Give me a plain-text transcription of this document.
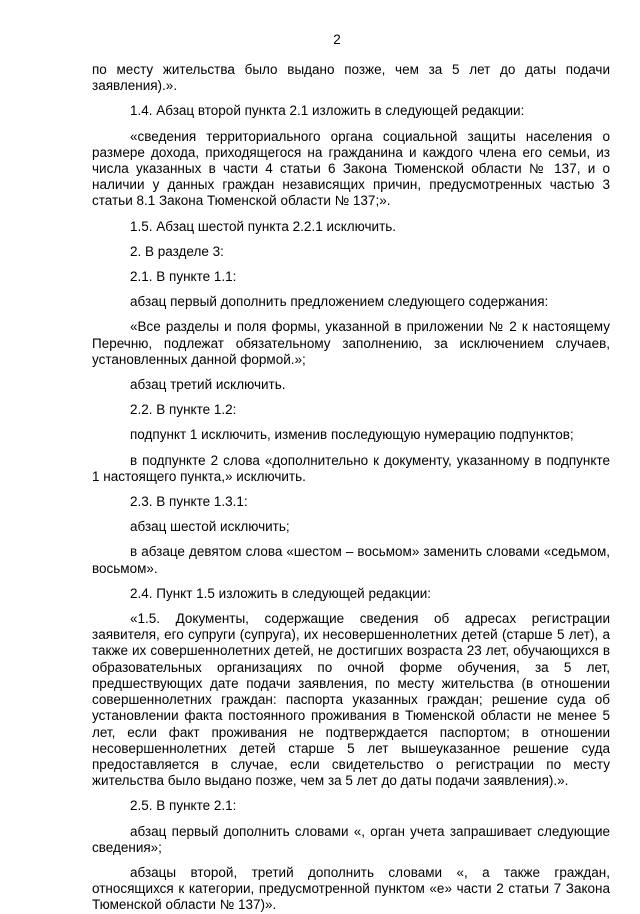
2

по месту жительства было выдано позже, чем за 5 лет до даты подачи заявления).».

1.4. Абзац второй пункта 2.1 изложить в следующей редакции:

«сведения территориального органа социальной защиты населения о размере дохода, приходящегося на гражданина и каждого члена его семьи, из числа указанных в части 4 статьи 6 Закона Тюменской области № 137, и о наличии у данных граждан независящих причин, предусмотренных частью 3 статьи 8.1 Закона Тюменской области № 137;».

1.5. Абзац шестой пункта 2.2.1 исключить.

2. В разделе 3:

2.1. В пункте 1.1:

абзац первый дополнить предложением следующего содержания:

«Все разделы и поля формы, указанной в приложении № 2 к настоящему Перечню, подлежат обязательному заполнению, за исключением случаев, установленных данной формой.»;

абзац третий исключить.

2.2. В пункте 1.2:

подпункт 1 исключить, изменив последующую нумерацию подпунктов;

в подпункте 2 слова «дополнительно к документу, указанному в подпункте 1 настоящего пункта,» исключить.

2.3. В пункте 1.3.1:

абзац шестой исключить;

в абзаце девятом слова «шестом – восьмом» заменить словами «седьмом, восьмом».

2.4. Пункт 1.5 изложить в следующей редакции:

«1.5. Документы, содержащие сведения об адресах регистрации заявителя, его супруги (супруга), их несовершеннолетних детей (старше 5 лет), а также их совершеннолетних детей, не достигших возраста 23 лет, обучающихся в образовательных организациях по очной форме обучения, за 5 лет, предшествующих дате подачи заявления, по месту жительства (в отношении совершеннолетних граждан: паспорта указанных граждан; решение суда об установлении факта постоянного проживания в Тюменской области не менее 5 лет, если факт проживания не подтверждается паспортом; в отношении несовершеннолетних детей старше 5 лет вышеуказанное решение суда предоставляется в случае, если свидетельство о регистрации по месту жительства было выдано позже, чем за 5 лет до даты подачи заявления).».

2.5. В пункте 2.1:

абзац первый дополнить словами «, орган учета запрашивает следующие сведения»;

абзацы второй, третий дополнить словами «, а также граждан, относящихся к категории, предусмотренной пунктом «е» части 2 статьи 7 Закона Тюменской области № 137)».
